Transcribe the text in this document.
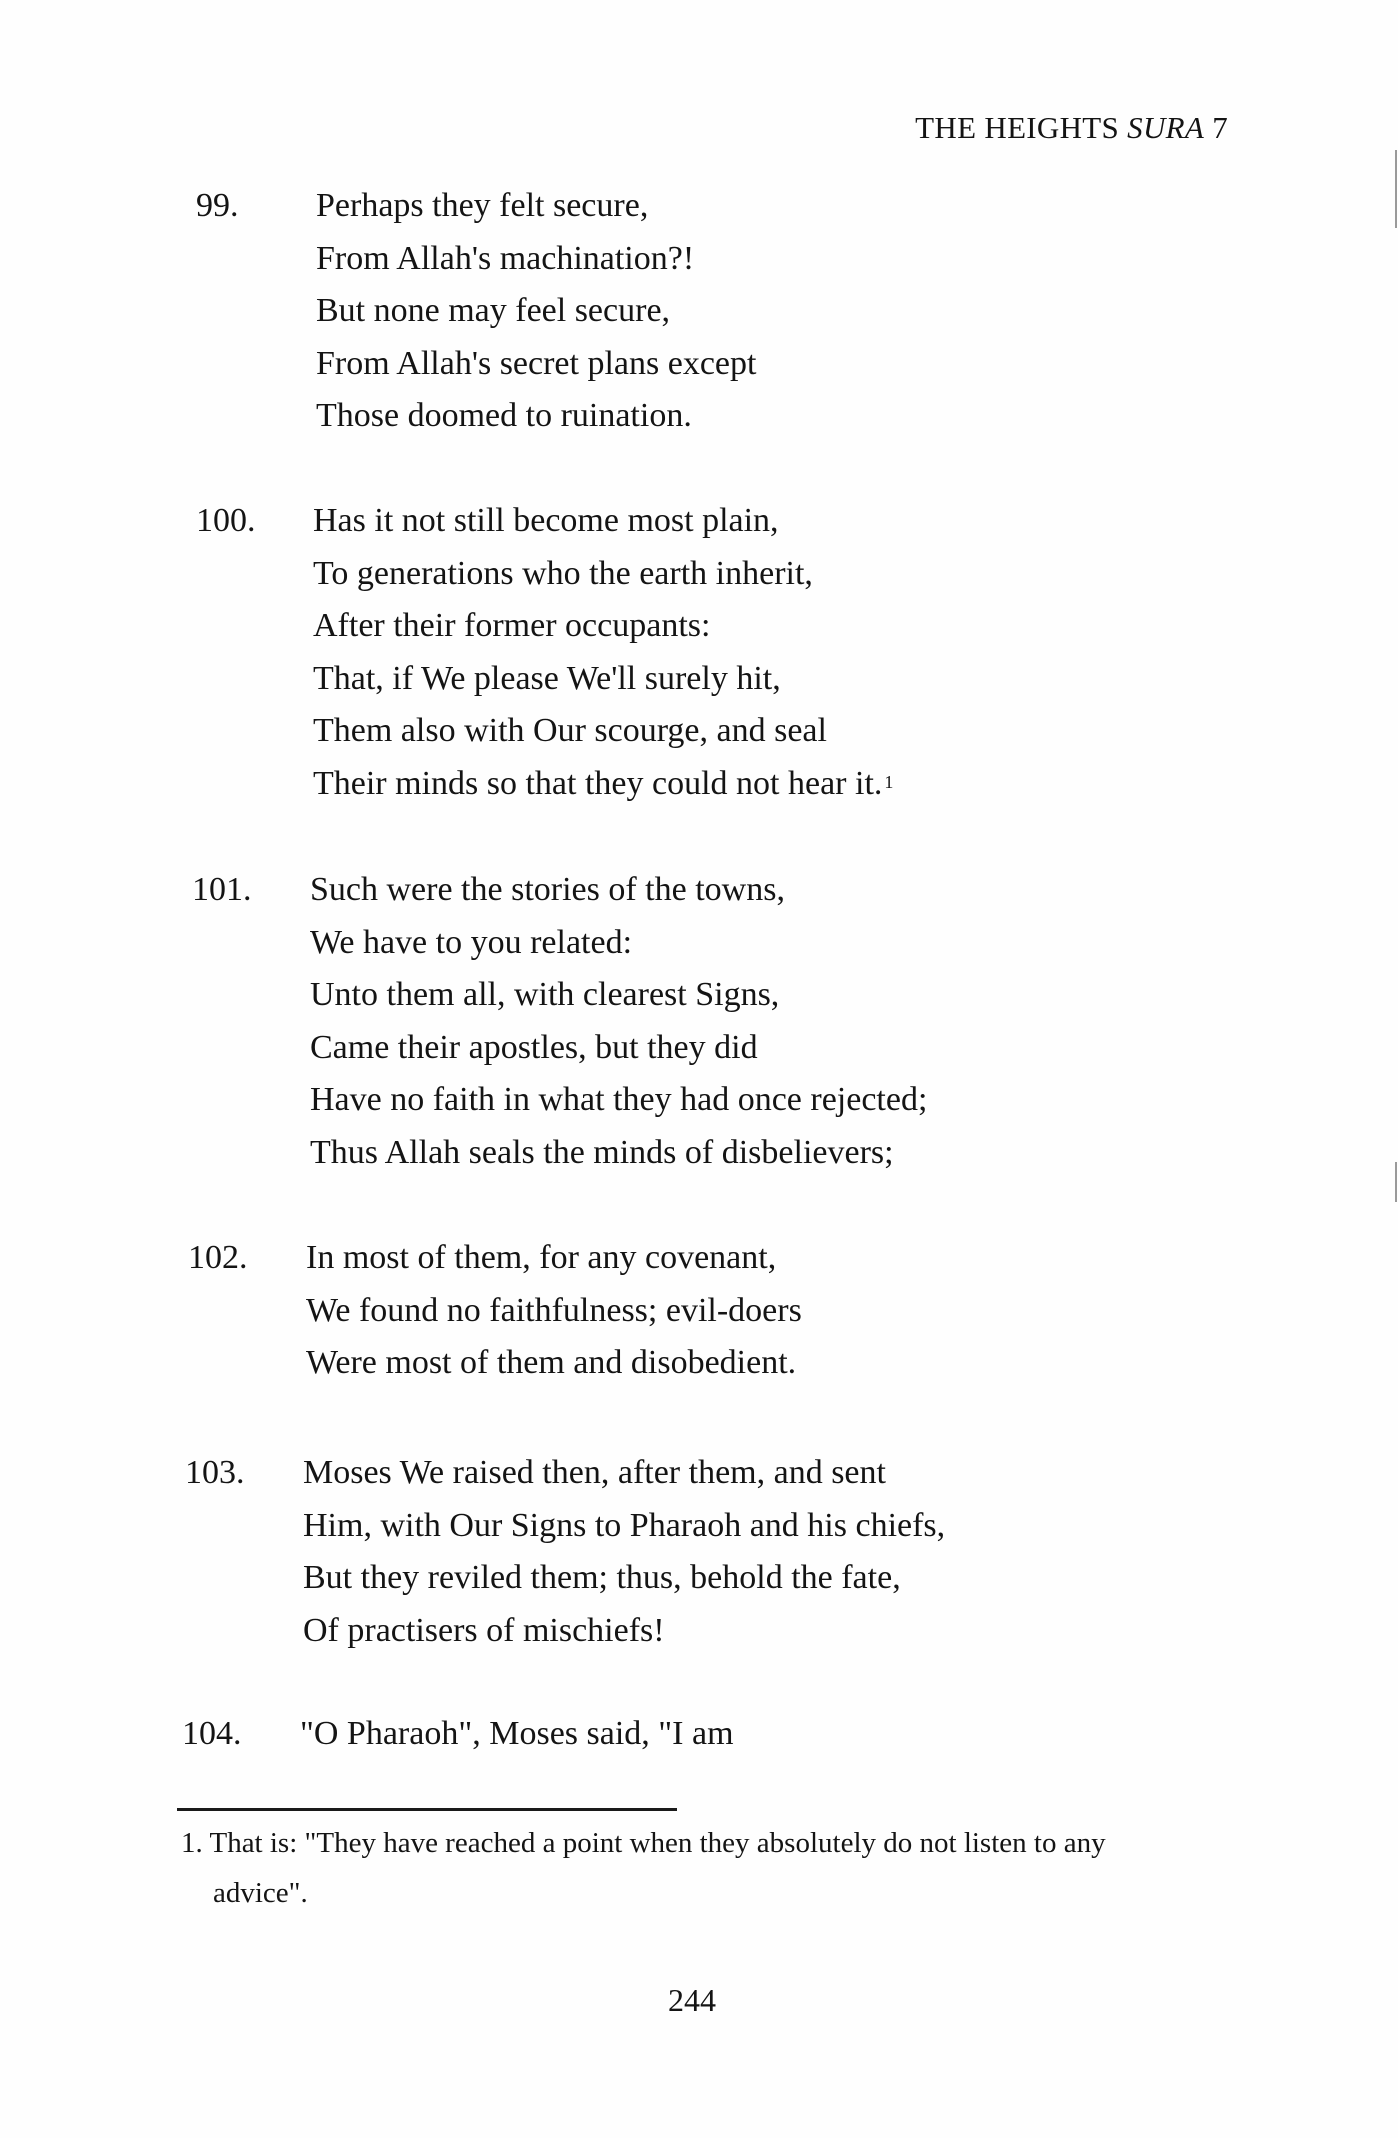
THE HEIGHTS SURA 7
99. Perhaps they felt secure,
From Allah's machination?!
But none may feel secure,
From Allah's secret plans except
Those doomed to ruination.
100. Has it not still become most plain,
To generations who the earth inherit,
After their former occupants:
That, if We please We'll surely hit,
Them also with Our scourge, and seal
Their minds so that they could not hear it. $^1$
101. Such were the stories of the towns,
We have to you related:
Unto them all, with clearest Signs,
Came their apostles, but they did
Have no faith in what they had once rejected;
Thus Allah seals the minds of disbelievers;
102. In most of them, for any covenant,
We found no faithfulness; evil-doers
Were most of them and disobedient.
103. Moses We raised then, after them, and sent
Him, with Our Signs to Pharaoh and his chiefs,
But they reviled them; thus, behold the fate,
Of practisers of mischiefs!
104. "O Pharaoh", Moses said, "I am
1. That is: "They have reached a point when they absolutely do not listen to any
advice".
244
